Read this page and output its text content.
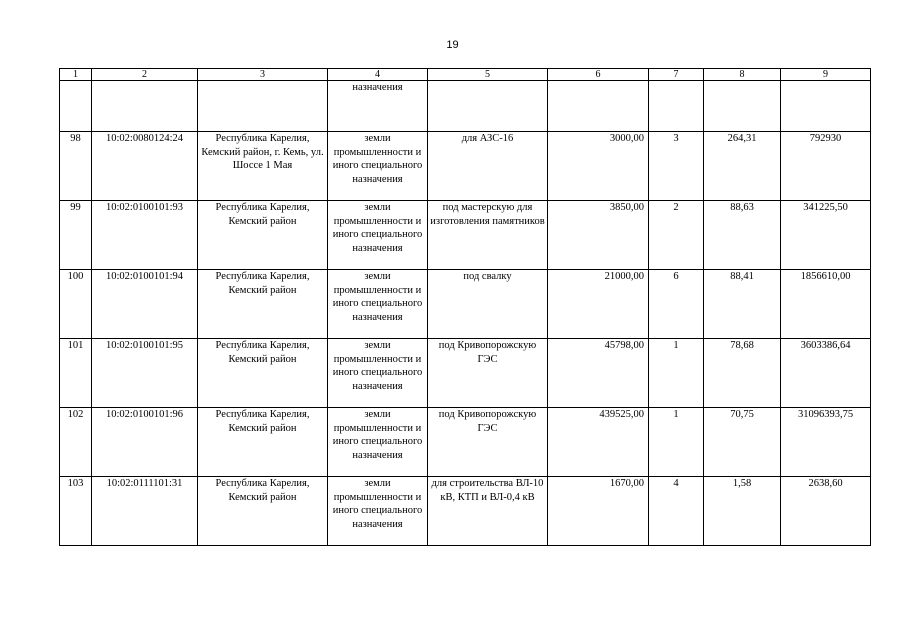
19
1	2	3	4	5	6	7	8	9
			назначения					
98	10:02:0080124:24	Республика Карелия, Кемский район, г. Кемь, ул. Шоссе 1 Мая	земли промышленности и иного специального назначения	для АЗС-16	3000,00	3	264,31	792930
99	10:02:0100101:93	Республика Карелия, Кемский район	земли промышленности и иного специального назначения	под мастерскую для изготовления памятников	3850,00	2	88,63	341225,50
100	10:02:0100101:94	Республика Карелия, Кемский район	земли промышленности и иного специального назначения	под свалку	21000,00	6	88,41	1856610,00
101	10:02:0100101:95	Республика Карелия, Кемский район	земли промышленности и иного специального назначения	под Кривопорожскую ГЭС	45798,00	1	78,68	3603386,64
102	10:02:0100101:96	Республика Карелия, Кемский район	земли промышленности и иного специального назначения	под Кривопорожскую ГЭС	439525,00	1	70,75	31096393,75
103	10:02:0111101:31	Республика Карелия, Кемский район	земли промышленности и иного специального назначения	для строительства ВЛ-10 кВ, КТП и ВЛ-0,4 кВ	1670,00	4	1,58	2638,60
